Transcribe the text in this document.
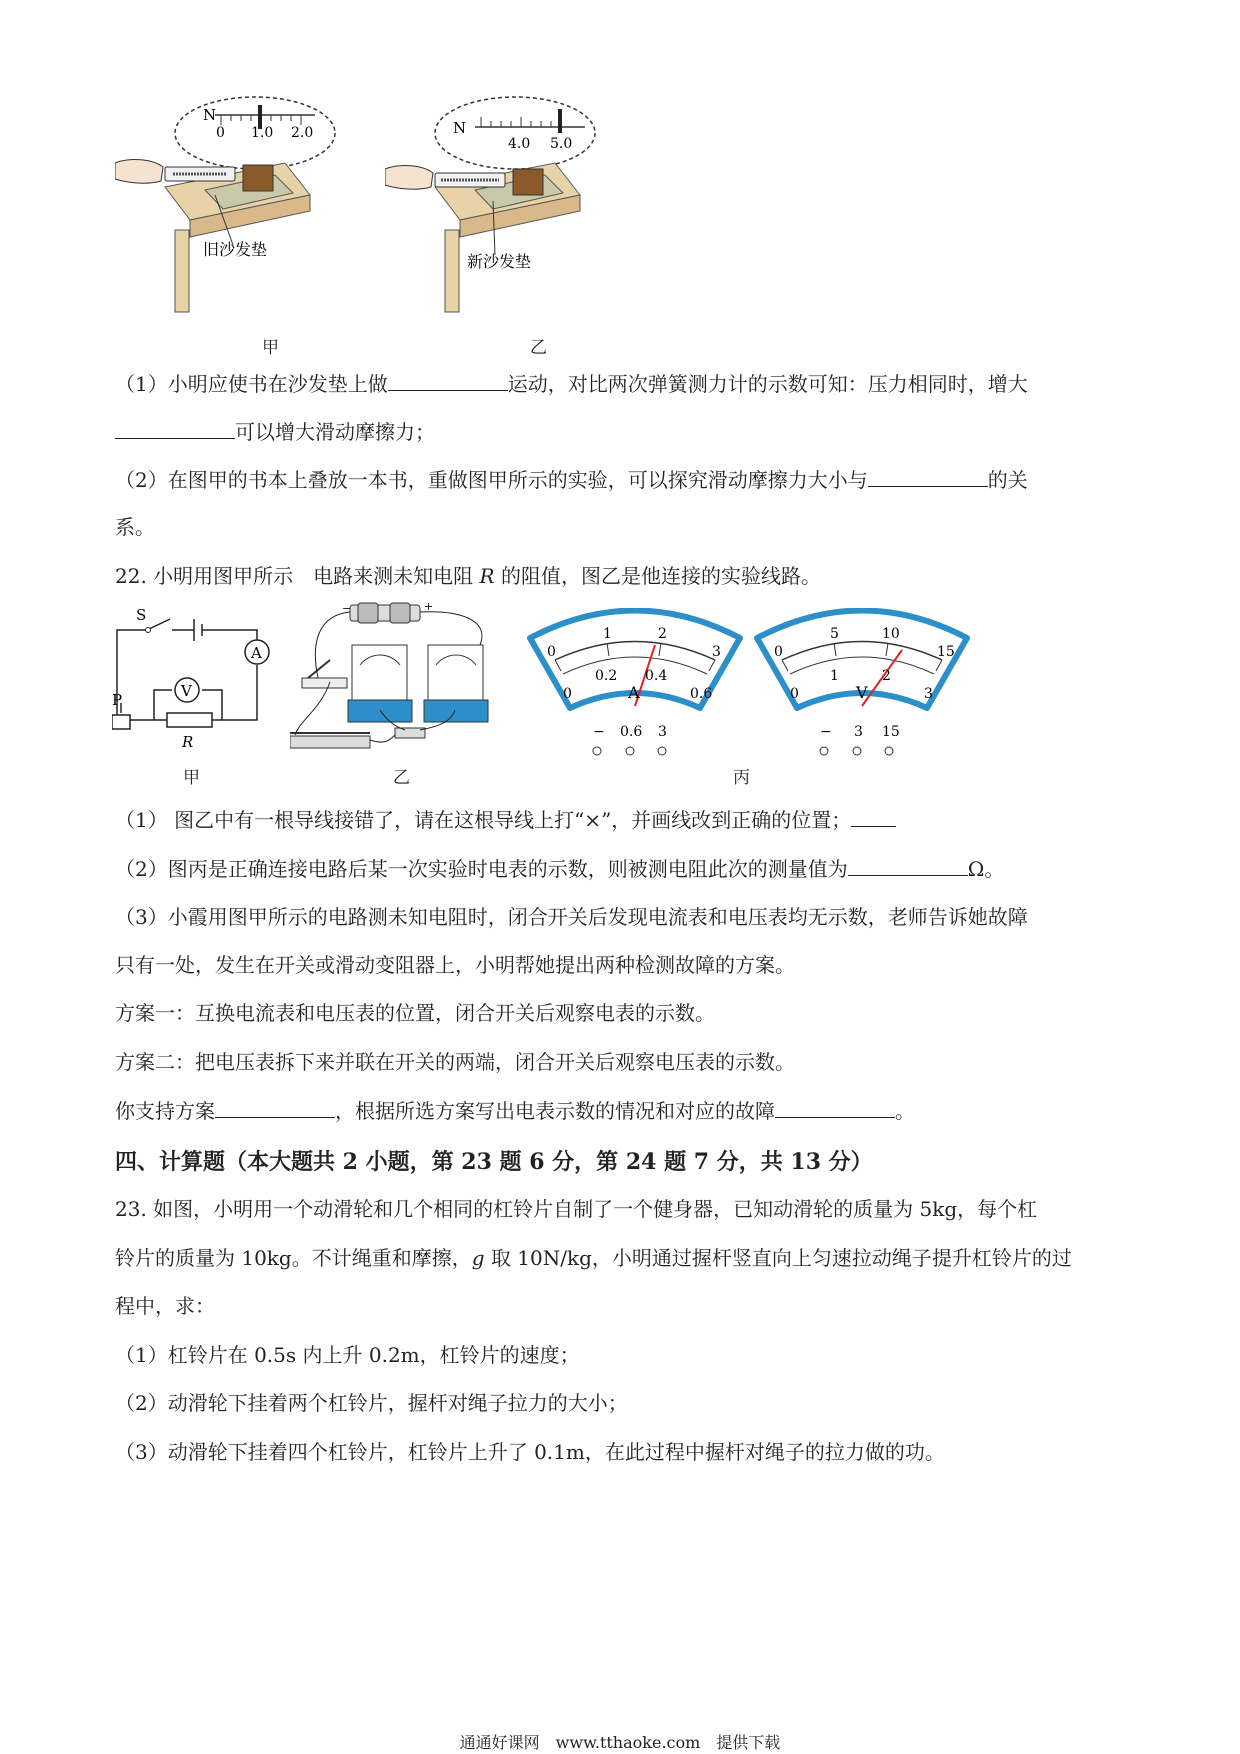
N
0 1.0 2.0
旧沙发垫
甲
N
4.0 5.0
新沙发垫
乙
（1）小明应使书在沙发垫上做	运动，对比两次弹簧测力计的示数可知：压力相同时，增大
可以增大滑动摩擦力；
（2）在图甲的书本上叠放一本书，重做图甲所示的实验，可以探究滑动摩擦力大小与	的关
系。
22. 小明用图甲所示　电路来测未知电阻 R 的阻值，图乙是他连接的实验线路。
S
A
V
P
R
甲
−	+
乙
0
1	2
3
0
0.2 0.4
0.6
A
− 0.6 3
0
5	10
15
0
1	2
3
V
− 3 15
丙
（1） 图乙中有一根导线接错了，请在这根导线上打“×”，并画线改到正确的位置；
（2）图丙是正确连接电路后某一次实验时电表的示数，则被测电阻此次的测量值为	Ω。
（3）小霞用图甲所示的电路测未知电阻时，闭合开关后发现电流表和电压表均无示数，老师告诉她故障
只有一处，发生在开关或滑动变阻器上，小明帮她提出两种检测故障的方案。
方案一：互换电流表和电压表的位置，闭合开关后观察电表的示数。
方案二：把电压表拆下来并联在开关的两端，闭合开关后观察电压表的示数。
你支持方案	，根据所选方案写出电表示数的情况和对应的故障	。
四、计算题（本大题共 2 小题，第 23 题 6 分，第 24 题 7 分，共 13 分）
23. 如图，小明用一个动滑轮和几个相同的杠铃片自制了一个健身器，已知动滑轮的质量为 5kg，每个杠
铃片的质量为 10kg。不计绳重和摩擦，g 取 10N/kg，小明通过握杆竖直向上匀速拉动绳子提升杠铃片的过
程中，求：
（1）杠铃片在 0.5s 内上升 0.2m，杠铃片的速度；
（2）动滑轮下挂着两个杠铃片，握杆对绳子拉力的大小；
（3）动滑轮下挂着四个杠铃片，杠铃片上升了 0.1m，在此过程中握杆对绳子的拉力做的功。
通通好课网　www.tthaoke.com　提供下载
